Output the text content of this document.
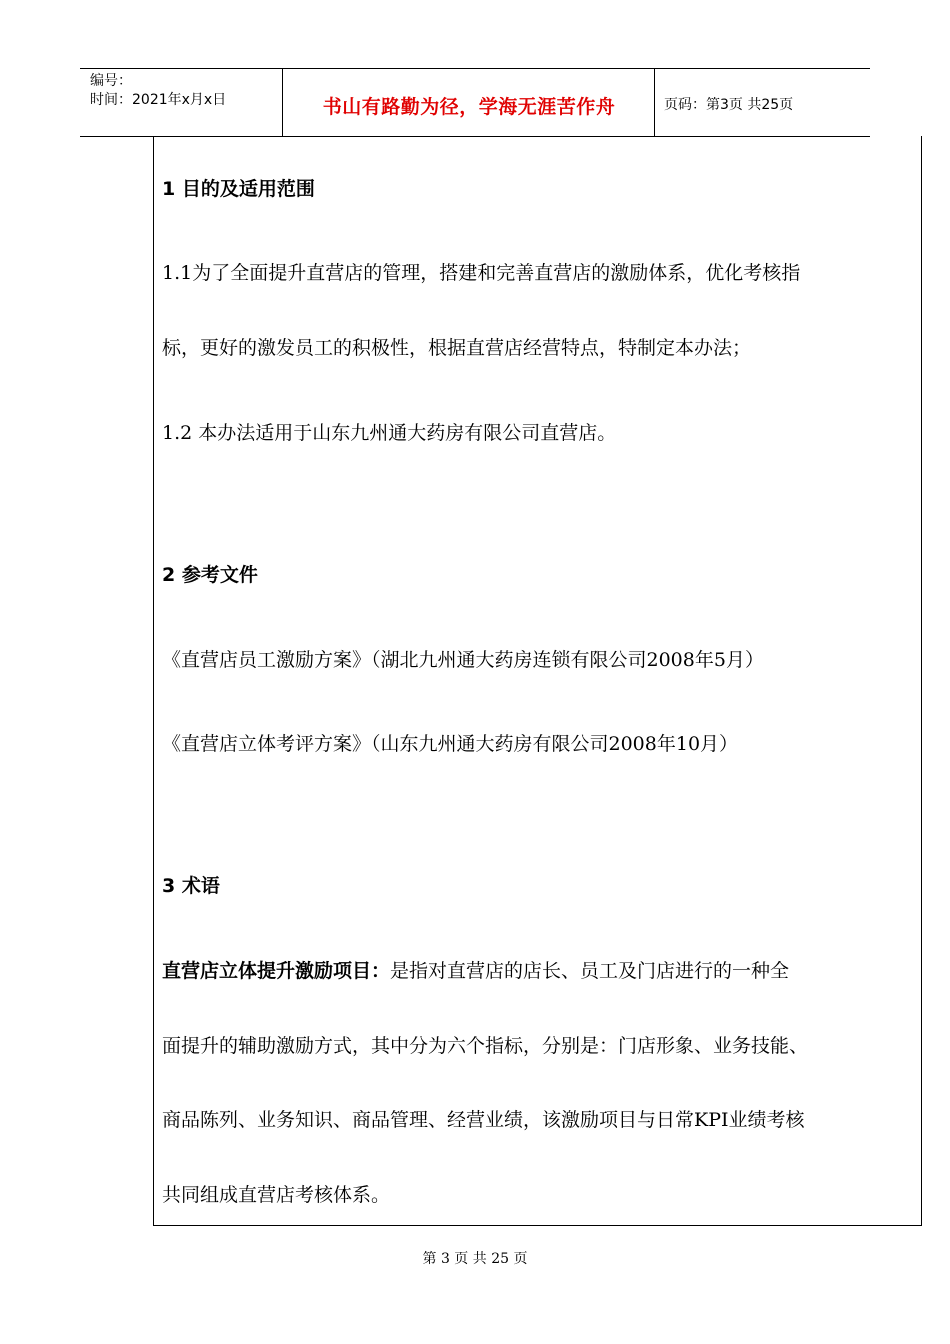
编号：
时间：2021年x月x日	书山有路勤为径，学海无涯苦作舟	页码：第3页 共25页
1 目的及适用范围
1.1为了全面提升直营店的管理，搭建和完善直营店的激励体系，优化考核指
标，更好的激发员工的积极性，根据直营店经营特点，特制定本办法；
1.2 本办法适用于山东九州通大药房有限公司直营店。
2 参考文件
《直营店员工激励方案》（湖北九州通大药房连锁有限公司2008年5月）
《直营店立体考评方案》（山东九州通大药房有限公司2008年10月）
3 术语
直营店立体提升激励项目：是指对直营店的店长、员工及门店进行的一种全
面提升的辅助激励方式，其中分为六个指标，分别是：门店形象、业务技能、
商品陈列、业务知识、商品管理、经营业绩，该激励项目与日常KPI业绩考核
共同组成直营店考核体系。
第 3 页 共 25 页
